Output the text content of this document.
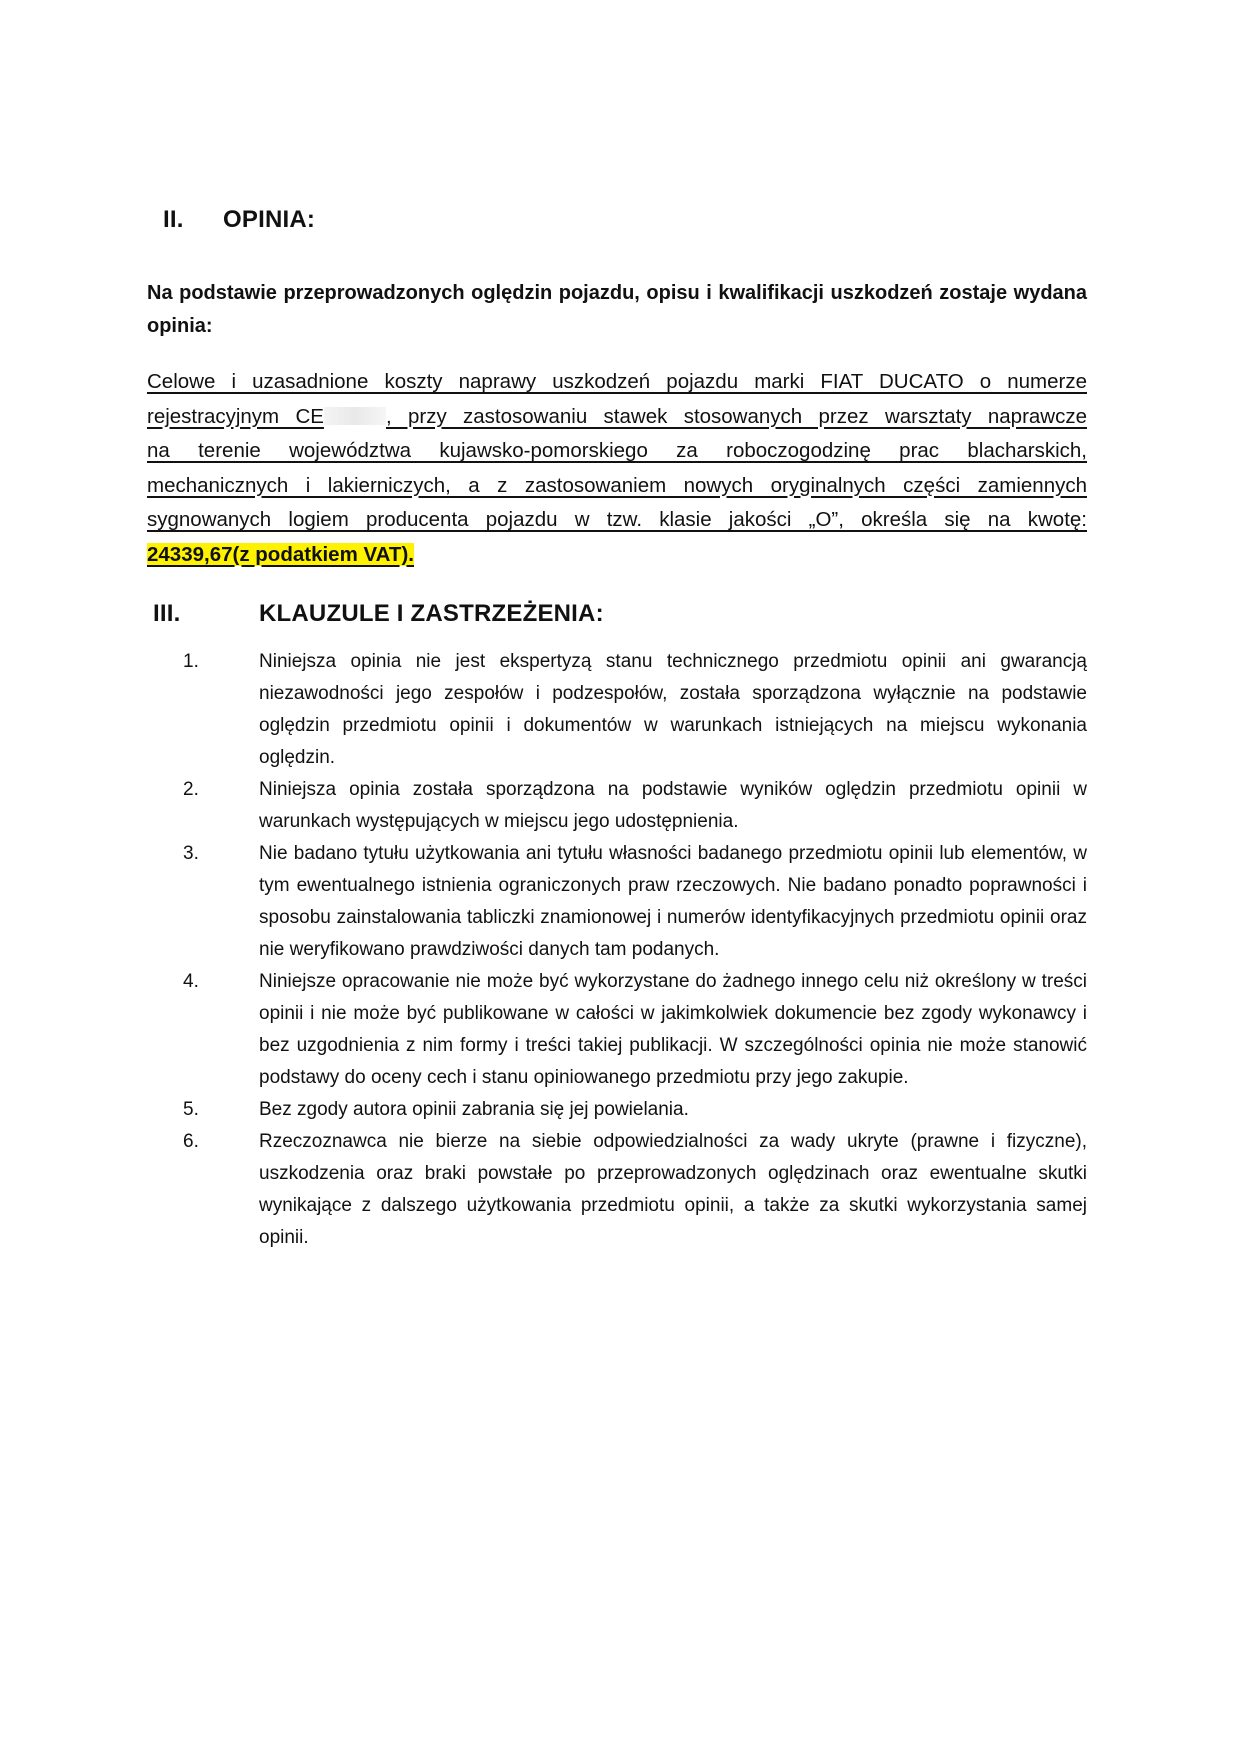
II. OPINIA:
Na podstawie przeprowadzonych oględzin pojazdu, opisu i kwalifikacji uszkodzeń zostaje wydana opinia:
Celowe i uzasadnione koszty naprawy uszkodzeń pojazdu marki FIAT DUCATO o numerze
rejestracyjnym CE	, przy zastosowaniu stawek stosowanych przez warsztaty naprawcze
na terenie województwa kujawsko-pomorskiego za roboczogodzinę prac blacharskich,
mechanicznych i lakierniczych, a z zastosowaniem nowych oryginalnych części zamiennych
sygnowanych logiem producenta pojazdu w tzw. klasie jakości „O”, określa się na kwotę:
24339,67(z podatkiem VAT).
III.	KLAUZULE I ZASTRZEŻENIA:
1.	Niniejsza opinia nie jest ekspertyzą stanu technicznego przedmiotu opinii ani gwarancją niezawodności jego zespołów i podzespołów, została sporządzona wyłącznie na podstawie oględzin przedmiotu opinii i dokumentów w warunkach istniejących na miejscu wykonania oględzin.
2.	Niniejsza opinia została sporządzona na podstawie wyników oględzin przedmiotu opinii w warunkach występujących w miejscu jego udostępnienia.
3.	Nie badano tytułu użytkowania ani tytułu własności badanego przedmiotu opinii lub elementów, w tym ewentualnego istnienia ograniczonych praw rzeczowych. Nie badano ponadto poprawności i sposobu zainstalowania tabliczki znamionowej i numerów identyfikacyjnych przedmiotu opinii oraz nie weryfikowano prawdziwości danych tam podanych.
4.	Niniejsze opracowanie nie może być wykorzystane do żadnego innego celu niż określony w treści opinii i nie może być publikowane w całości w jakimkolwiek dokumencie bez zgody wykonawcy i bez uzgodnienia z nim formy i treści takiej publikacji. W szczególności opinia nie może stanowić podstawy do oceny cech i stanu opiniowanego przedmiotu przy jego zakupie.
5.	Bez zgody autora opinii zabrania się jej powielania.
6.	Rzeczoznawca nie bierze na siebie odpowiedzialności za wady ukryte (prawne i fizyczne), uszkodzenia oraz braki powstałe po przeprowadzonych oględzinach oraz ewentualne skutki wynikające z dalszego użytkowania przedmiotu opinii, a także za skutki wykorzystania samej opinii.
